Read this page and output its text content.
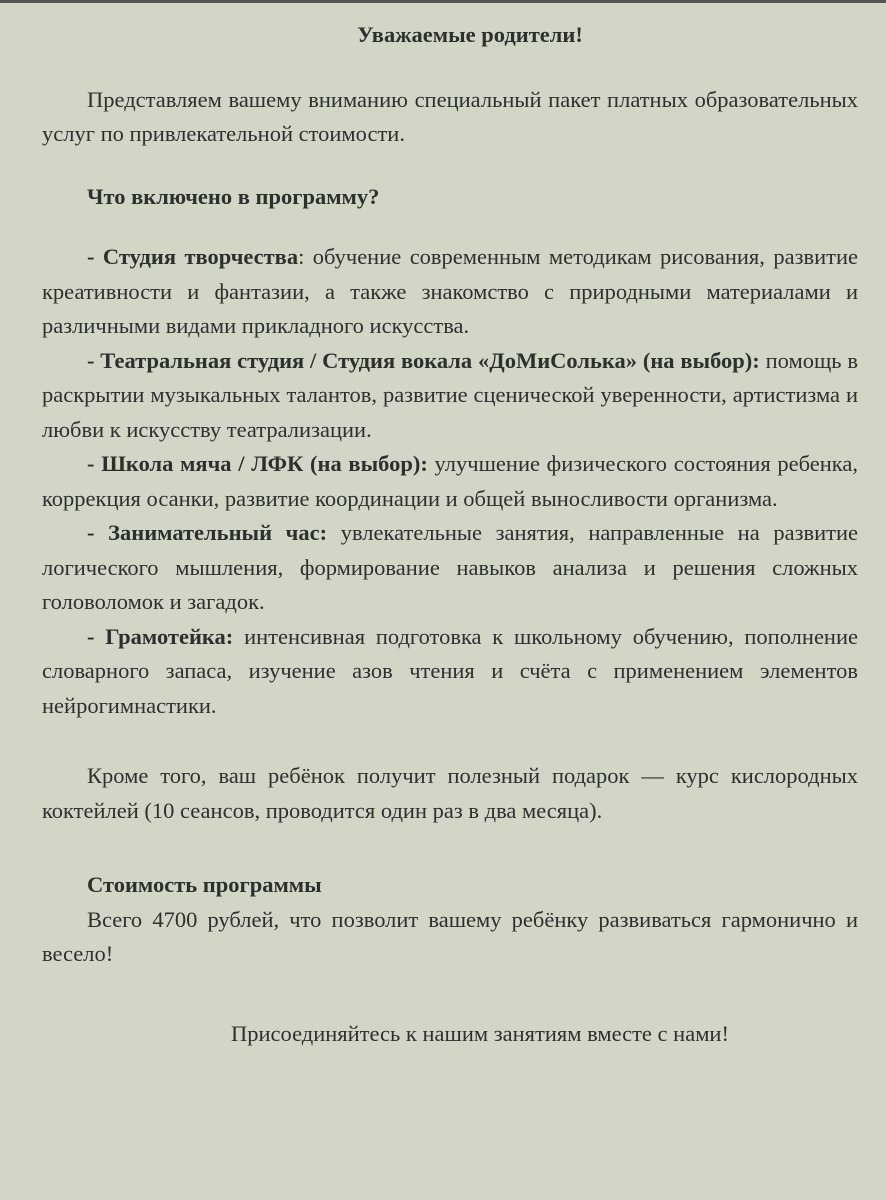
Уважаемые родители!

Представляем вашему вниманию специальный пакет платных образовательных услуг по привлекательной стоимости.

Что включено в программу?

- Студия творчества: обучение современным методикам рисования, развитие креативности и фантазии, а также знакомство с природными материалами и различными видами прикладного искусства.

- Театральная студия / Студия вокала «ДоМиСолька» (на выбор): помощь в раскрытии музыкальных талантов, развитие сценической уверенности, артистизма и любви к искусству театрализации.

- Школа мяча / ЛФК (на выбор): улучшение физического состояния ребенка, коррекция осанки, развитие координации и общей выносливости организма.

- Занимательный час: увлекательные занятия, направленные на развитие логического мышления, формирование навыков анализа и решения сложных головоломок и загадок.

- Грамотейка: интенсивная подготовка к школьному обучению, пополнение словарного запаса, изучение азов чтения и счёта с применением элементов нейрогимнастики.

Кроме того, ваш ребёнок получит полезный подарок — курс кислородных коктейлей (10 сеансов, проводится один раз в два месяца).

Стоимость программы

Всего 4700 рублей, что позволит вашему ребёнку развиваться гармонично и весело!

Присоединяйтесь к нашим занятиям вместе с нами!
